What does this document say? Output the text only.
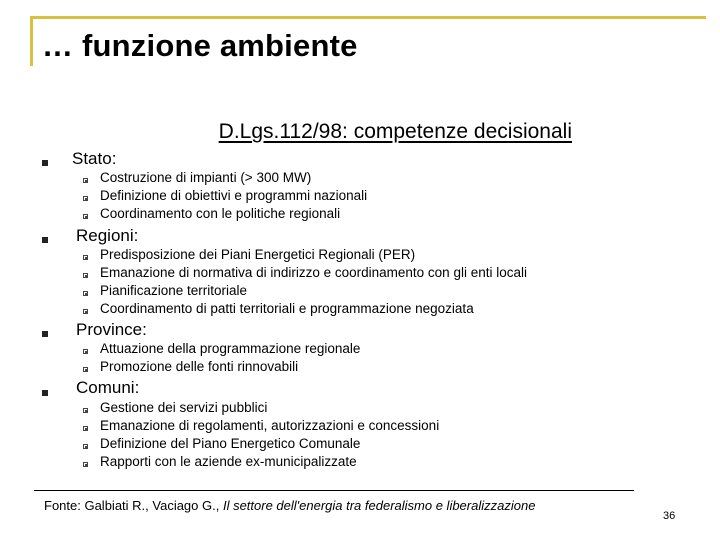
… funzione ambiente
D.Lgs.112/98: competenze decisionali
Stato:
Costruzione di impianti (> 300 MW)
Definizione di obiettivi e programmi nazionali
Coordinamento con le politiche regionali
Regioni:
Predisposizione dei Piani Energetici Regionali (PER)
Emanazione di normativa di indirizzo e coordinamento con gli enti locali
Pianificazione territoriale
Coordinamento di patti territoriali e programmazione negoziata
Province:
Attuazione della programmazione regionale
Promozione delle fonti rinnovabili
Comuni:
Gestione dei servizi pubblici
Emanazione di regolamenti, autorizzazioni e concessioni
Definizione del Piano Energetico Comunale
Rapporti con le aziende ex-municipalizzate
Fonte: Galbiati R., Vaciago G., Il settore dell'energia tra federalismo e liberalizzazione
36
